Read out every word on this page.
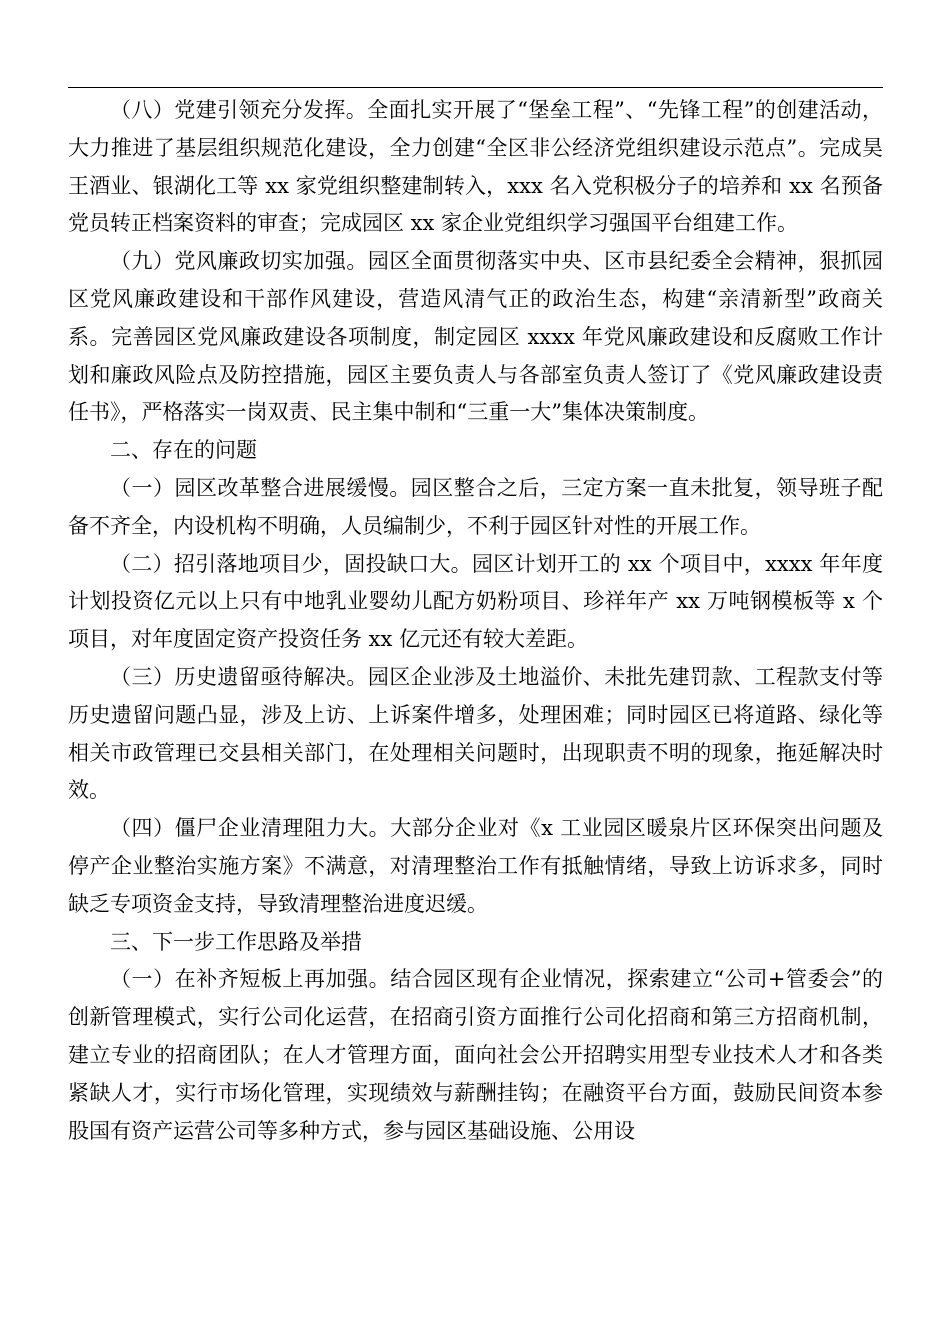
（八）党建引领充分发挥。全面扎实开展了“堡垒工程”、“先锋工程”的创建活动，大力推进了基层组织规范化建设，全力创建“全区非公经济党组织建设示范点”。完成昊王酒业、银湖化工等 xx 家党组织整建制转入，xxx 名入党积极分子的培养和 xx 名预备党员转正档案资料的审查；完成园区 xx 家企业党组织学习强国平台组建工作。

（九）党风廉政切实加强。园区全面贯彻落实中央、区市县纪委全会精神，狠抓园区党风廉政建设和干部作风建设，营造风清气正的政治生态，构建“亲清新型”政商关系。完善园区党风廉政建设各项制度，制定园区 xxxx 年党风廉政建设和反腐败工作计划和廉政风险点及防控措施，园区主要负责人与各部室负责人签订了《党风廉政建设责任书》，严格落实一岗双责、民主集中制和“三重一大”集体决策制度。

二、存在的问题

（一）园区改革整合进展缓慢。园区整合之后，三定方案一直未批复，领导班子配备不齐全，内设机构不明确，人员编制少，不利于园区针对性的开展工作。

（二）招引落地项目少，固投缺口大。园区计划开工的 xx 个项目中，xxxx 年年度计划投资亿元以上只有中地乳业婴幼儿配方奶粉项目、珍祥年产 xx 万吨钢模板等 x 个项目，对年度固定资产投资任务 xx 亿元还有较大差距。

（三）历史遗留亟待解决。园区企业涉及土地溢价、未批先建罚款、工程款支付等历史遗留问题凸显，涉及上访、上诉案件增多，处理困难；同时园区已将道路、绿化等相关市政管理已交县相关部门，在处理相关问题时，出现职责不明的现象，拖延解决时效。

（四）僵尸企业清理阻力大。大部分企业对《x 工业园区暖泉片区环保突出问题及停产企业整治实施方案》不满意，对清理整治工作有抵触情绪，导致上访诉求多，同时缺乏专项资金支持，导致清理整治进度迟缓。

三、下一步工作思路及举措

（一）在补齐短板上再加强。结合园区现有企业情况，探索建立“公司+管委会”的创新管理模式，实行公司化运营，在招商引资方面推行公司化招商和第三方招商机制，建立专业的招商团队；在人才管理方面，面向社会公开招聘实用型专业技术人才和各类紧缺人才，实行市场化管理，实现绩效与薪酬挂钩；在融资平台方面，鼓励民间资本参股国有资产运营公司等多种方式，参与园区基础设施、公用设
